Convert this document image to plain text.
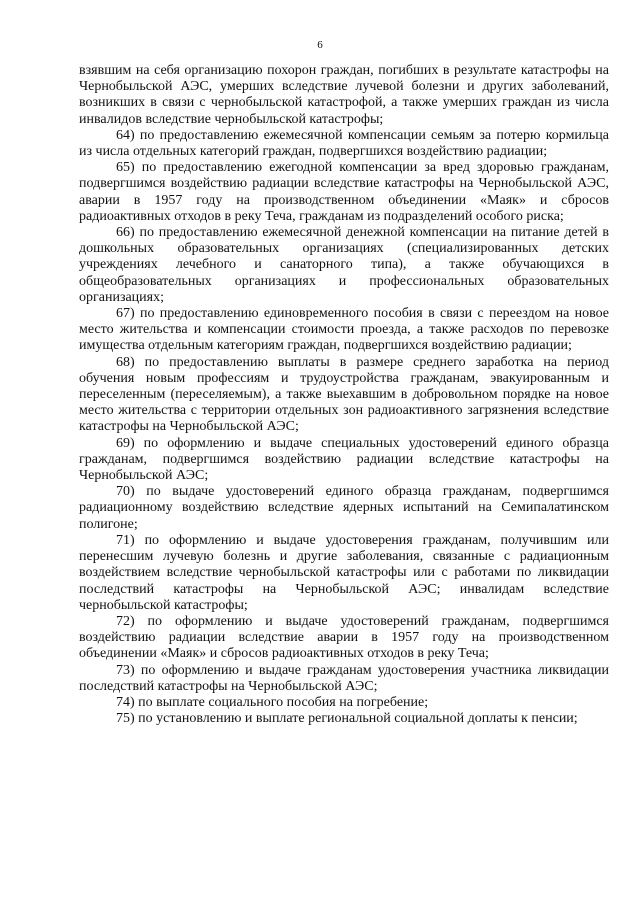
6

взявшим на себя организацию похорон граждан, погибших в результате катастрофы на Чернобыльской АЭС, умерших вследствие лучевой болезни и других заболеваний, возникших в связи с чернобыльской катастрофой, а также умерших граждан из числа инвалидов вследствие чернобыльской катастрофы;

64) по предоставлению ежемесячной компенсации семьям за потерю кормильца из числа отдельных категорий граждан, подвергшихся воздействию радиации;

65) по предоставлению ежегодной компенсации за вред здоровью гражданам, подвергшимся воздействию радиации вследствие катастрофы на Чернобыльской АЭС, аварии в 1957 году на производственном объединении «Маяк» и сбросов радиоактивных отходов в реку Теча, гражданам из подразделений особого риска;

66) по предоставлению ежемесячной денежной компенсации на питание детей в дошкольных образовательных организациях (специализированных детских учреждениях лечебного и санаторного типа), а также обучающихся в общеобразовательных организациях и профессиональных образовательных организациях;

67) по предоставлению единовременного пособия в связи с переездом на новое место жительства и компенсации стоимости проезда, а также расходов по перевозке имущества отдельным категориям граждан, подвергшихся воздействию радиации;

68) по предоставлению выплаты в размере среднего заработка на период обучения новым профессиям и трудоустройства гражданам, эвакуированным и переселенным (переселяемым), а также выехавшим в добровольном порядке на новое место жительства с территории отдельных зон радиоактивного загрязнения вследствие катастрофы на Чернобыльской АЭС;

69) по оформлению и выдаче специальных удостоверений единого образца гражданам, подвергшимся воздействию радиации вследствие катастрофы на Чернобыльской АЭС;

70) по выдаче удостоверений единого образца гражданам, подвергшимся радиационному воздействию вследствие ядерных испытаний на Семипалатинском полигоне;

71) по оформлению и выдаче удостоверения гражданам, получившим или перенесшим лучевую болезнь и другие заболевания, связанные с радиационным воздействием вследствие чернобыльской катастрофы или с работами по ликвидации последствий катастрофы на Чернобыльской АЭС; инвалидам вследствие чернобыльской катастрофы;

72) по оформлению и выдаче удостоверений гражданам, подвергшимся воздействию радиации вследствие аварии в 1957 году на производственном объединении «Маяк» и сбросов радиоактивных отходов в реку Теча;

73) по оформлению и выдаче гражданам удостоверения участника ликвидации последствий катастрофы на Чернобыльской АЭС;

74) по выплате социального пособия на погребение;

75) по установлению и выплате региональной социальной доплаты к пенсии;
